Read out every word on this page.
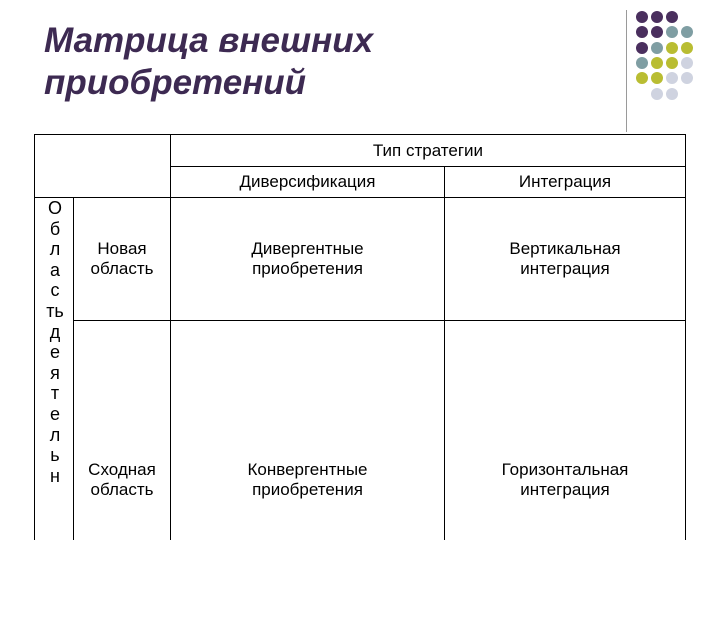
Матрица внешних
приобретений
Тип стратегии
Диверсификация	Интеграция
О
б
л
а
с
ть
д
е
я
т
е
л
ь
н
Новая
область
Дивергентные
приобретения
Вертикальная
интеграция
Сходная
область
Конвергентные
приобретения
Горизонтальная
интеграция
